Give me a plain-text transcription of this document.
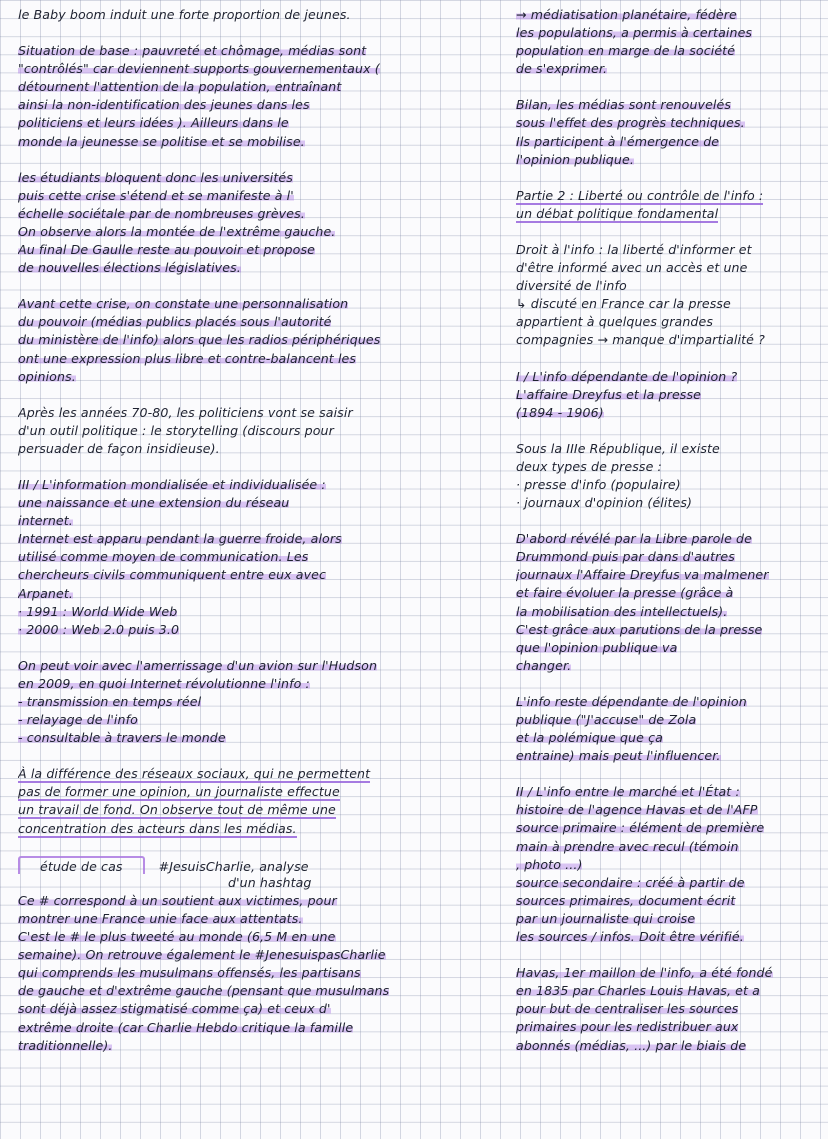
le Baby boom induit une forte proportion de jeunes.
Situation de base : pauvreté et chômage, médias sont
"contrôlés" car deviennent supports gouvernementaux (
détournent l'attention de la population, entraînant
ainsi la non-identification des jeunes dans les
politiciens et leurs idées ). Ailleurs dans le
monde la jeunesse se politise et se mobilise.
les étudiants bloquent donc les universités
puis cette crise s'étend et se manifeste à l'
échelle sociétale par de nombreuses grèves.
On observe alors la montée de l'extrême gauche.
Au final De Gaulle reste au pouvoir et propose
de nouvelles élections législatives.
Avant cette crise, on constate une personnalisation
du pouvoir (médias publics placés sous l'autorité
du ministère de l'info) alors que les radios périphériques
ont une expression plus libre et contre-balancent les
opinions.
Après les années 70-80, les politiciens vont se saisir
d'un outil politique : le storytelling (discours pour
persuader de façon insidieuse).
III / L'information mondialisée et individualisée :
une naissance et une extension du réseau
internet.
Internet est apparu pendant la guerre froide, alors
utilisé comme moyen de communication. Les
chercheurs civils communiquent entre eux avec
Arpanet.
· 1991 : World Wide Web
· 2000 : Web 2.0 puis 3.0
On peut voir avec l'amerrissage d'un avion sur l'Hudson
en 2009, en quoi Internet révolutionne l'info :
- transmission en temps réel
- relayage de l'info
- consultable à travers le monde
À la différence des réseaux sociaux, qui ne permettent
pas de former une opinion, un journaliste effectue
un travail de fond. On observe tout de même une
concentration des acteurs dans les médias.
étude de cas	#JesuisCharlie, analyse
d'un hashtag
Ce # correspond à un soutient aux victimes, pour
montrer une France unie face aux attentats.
C'est le # le plus tweeté au monde (6,5 M en une
semaine). On retrouve également le #JenesuispasCharlie
qui comprends les musulmans offensés, les partisans
de gauche et d'extrême gauche (pensant que musulmans
sont déjà assez stigmatisé comme ça) et ceux d'
extrême droite (car Charlie Hebdo critique la famille
traditionnelle).
→ médiatisation planétaire, fédère
les populations, a permis à certaines
population en marge de la société
de s'exprimer.
Bilan, les médias sont renouvelés
sous l'effet des progrès techniques.
Ils participent à l'émergence de
l'opinion publique.
Partie 2 : Liberté ou contrôle de l'info :
un débat politique fondamental
Droit à l'info : la liberté d'informer et
d'être informé avec un accès et une
diversité de l'info
↳ discuté en France car la presse
appartient à quelques grandes
compagnies → manque d'impartialité ?
I / L'info dépendante de l'opinion ?
L'affaire Dreyfus et la presse
(1894 - 1906)
Sous la IIIe République, il existe
deux types de presse :
· presse d'info (populaire)
· journaux d'opinion (élites)
D'abord révélé par la Libre parole de
Drummond puis par dans d'autres
journaux l'Affaire Dreyfus va malmener
et faire évoluer la presse (grâce à
la mobilisation des intellectuels).
C'est grâce aux parutions de la presse
que l'opinion publique va
changer.
L'info reste dépendante de l'opinion
publique ("J'accuse" de Zola
et la polémique que ça
entraine) mais peut l'influencer.
II / L'info entre le marché et l'État :
histoire de l'agence Havas et de l'AFP
source primaire : élément de première
main à prendre avec recul (témoin
, photo ...)
source secondaire : créé à partir de
sources primaires, document écrit
par un journaliste qui croise
les sources / infos. Doit être vérifié.
Havas, 1er maillon de l'info, a été fondé
en 1835 par Charles Louis Havas, et a
pour but de centraliser les sources
primaires pour les redistribuer aux
abonnés (médias, ...) par le biais de
